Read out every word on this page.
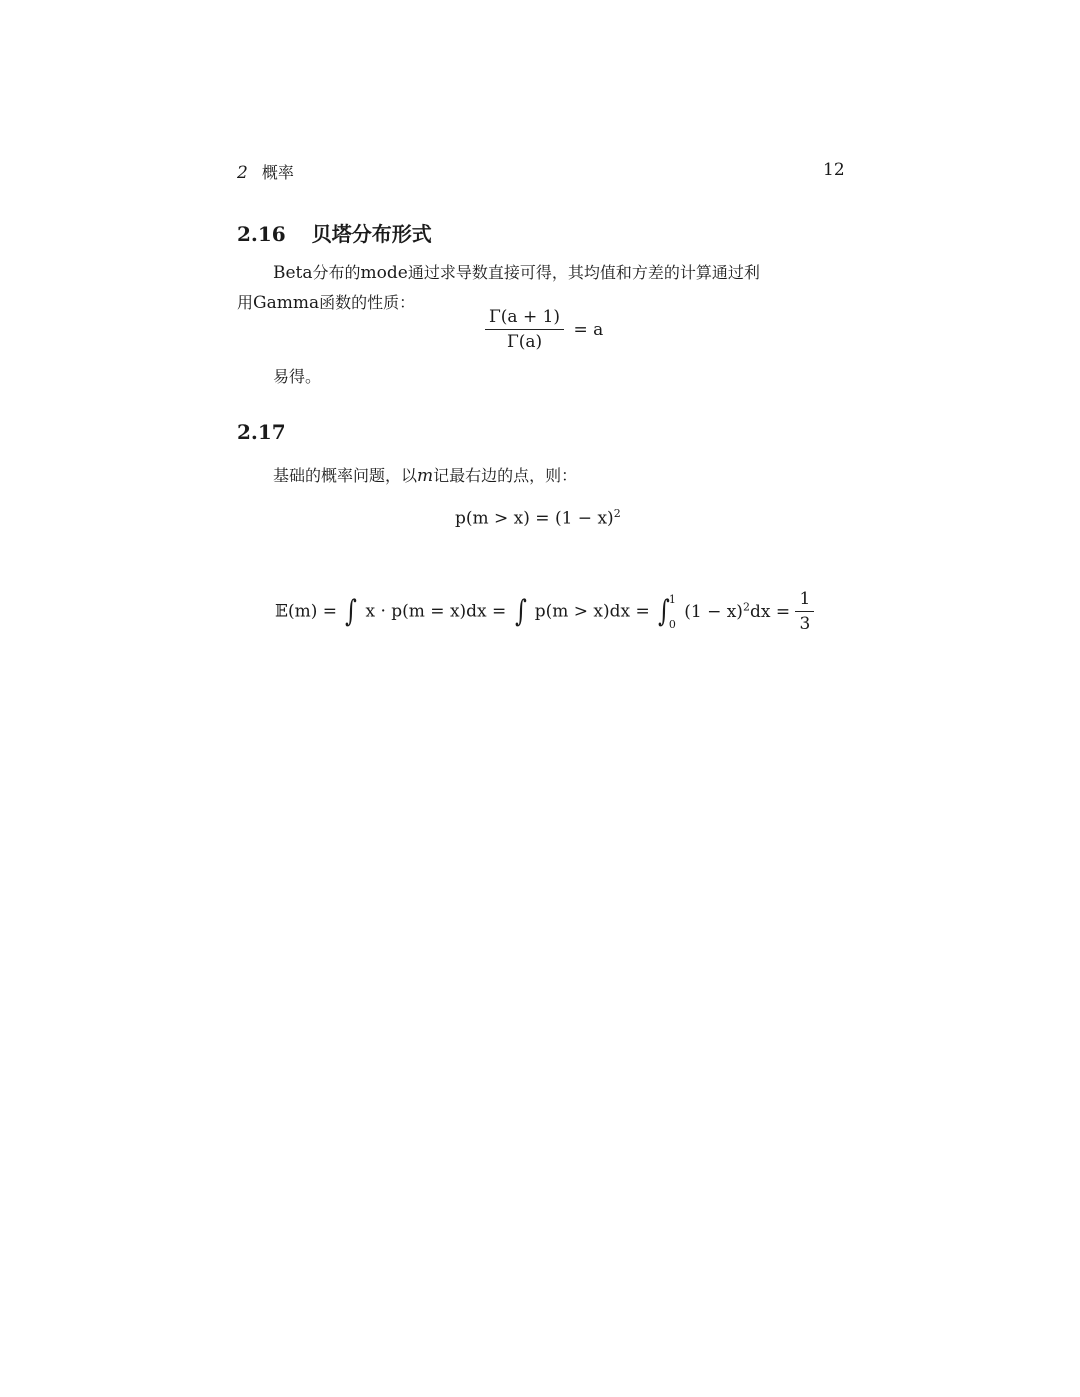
2 概率	12
2.16 贝塔分布形式
Beta分布的mode通过求导数直接可得，其均值和方差的计算通过利
用Gamma函数的性质：
$\frac{\Gamma(a + 1)}{\Gamma(a)} = a$
易得。
2.17
基础的概率问题，以m记最右边的点，则：
$p(m > x) = (1 - x)^2$
𝔼(m) = ∫ x · p(m = x)dx = ∫ p(m > x)dx = ∫
1
0
$(1 - x)^2dx = \frac{1}{3}$
